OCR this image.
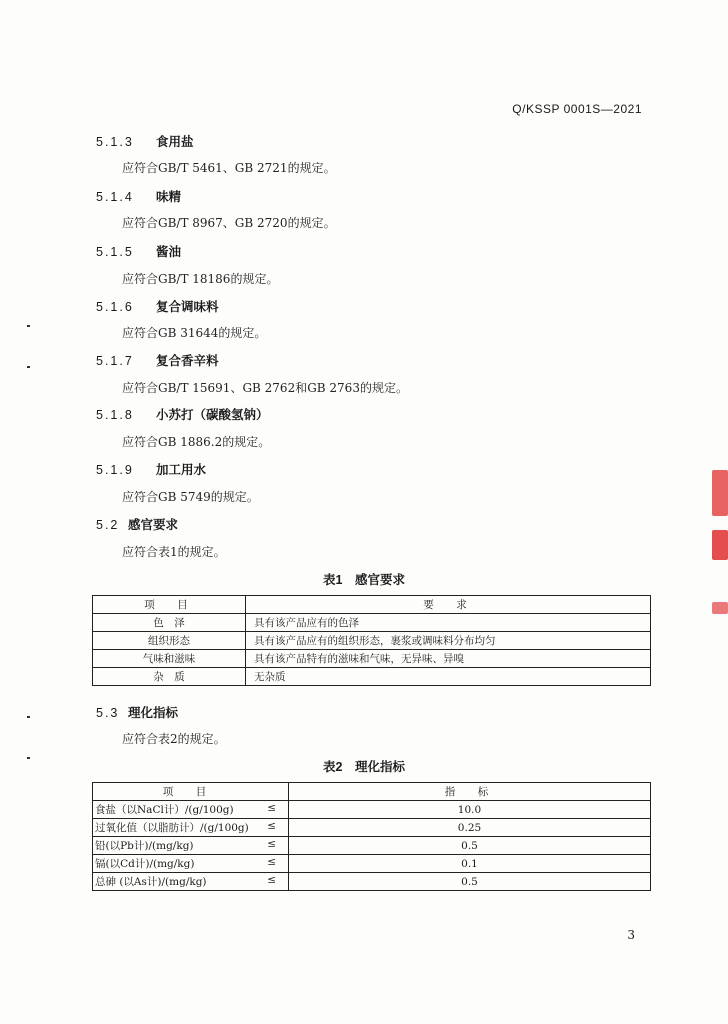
Q/KSSP 0001S—2021
5.1.3 食用盐
应符合GB/T 5461、GB 2721的规定。
5.1.4 味精
应符合GB/T 8967、GB 2720的规定。
5.1.5 酱油
应符合GB/T 18186的规定。
5.1.6 复合调味料
应符合GB 31644的规定。
5.1.7 复合香辛料
应符合GB/T 15691、GB 2762和GB 2763的规定。
5.1.8 小苏打（碳酸氢钠）
应符合GB 1886.2的规定。
5.1.9 加工用水
应符合GB 5749的规定。
5.2 感官要求
应符合表1的规定。
表1　感官要求
项　目	要　求
色　泽	具有该产品应有的色泽
组织形态	具有该产品应有的组织形态，裹浆或调味料分布均匀
气味和滋味	具有该产品特有的滋味和气味，无异味、异嗅
杂　质	无杂质
5.3 理化指标
应符合表2的规定。
表2　理化指标
项　目	指　标
食盐（以NaCl计）/(g/100g) ≤	10.0
过氧化值（以脂肪计）/(g/100g) ≤	0.25
铅(以Pb计)/(mg/kg) ≤	0.5
镉(以Cd计)/(mg/kg) ≤	0.1
总砷 (以As计)/(mg/kg) ≤	0.5
3
